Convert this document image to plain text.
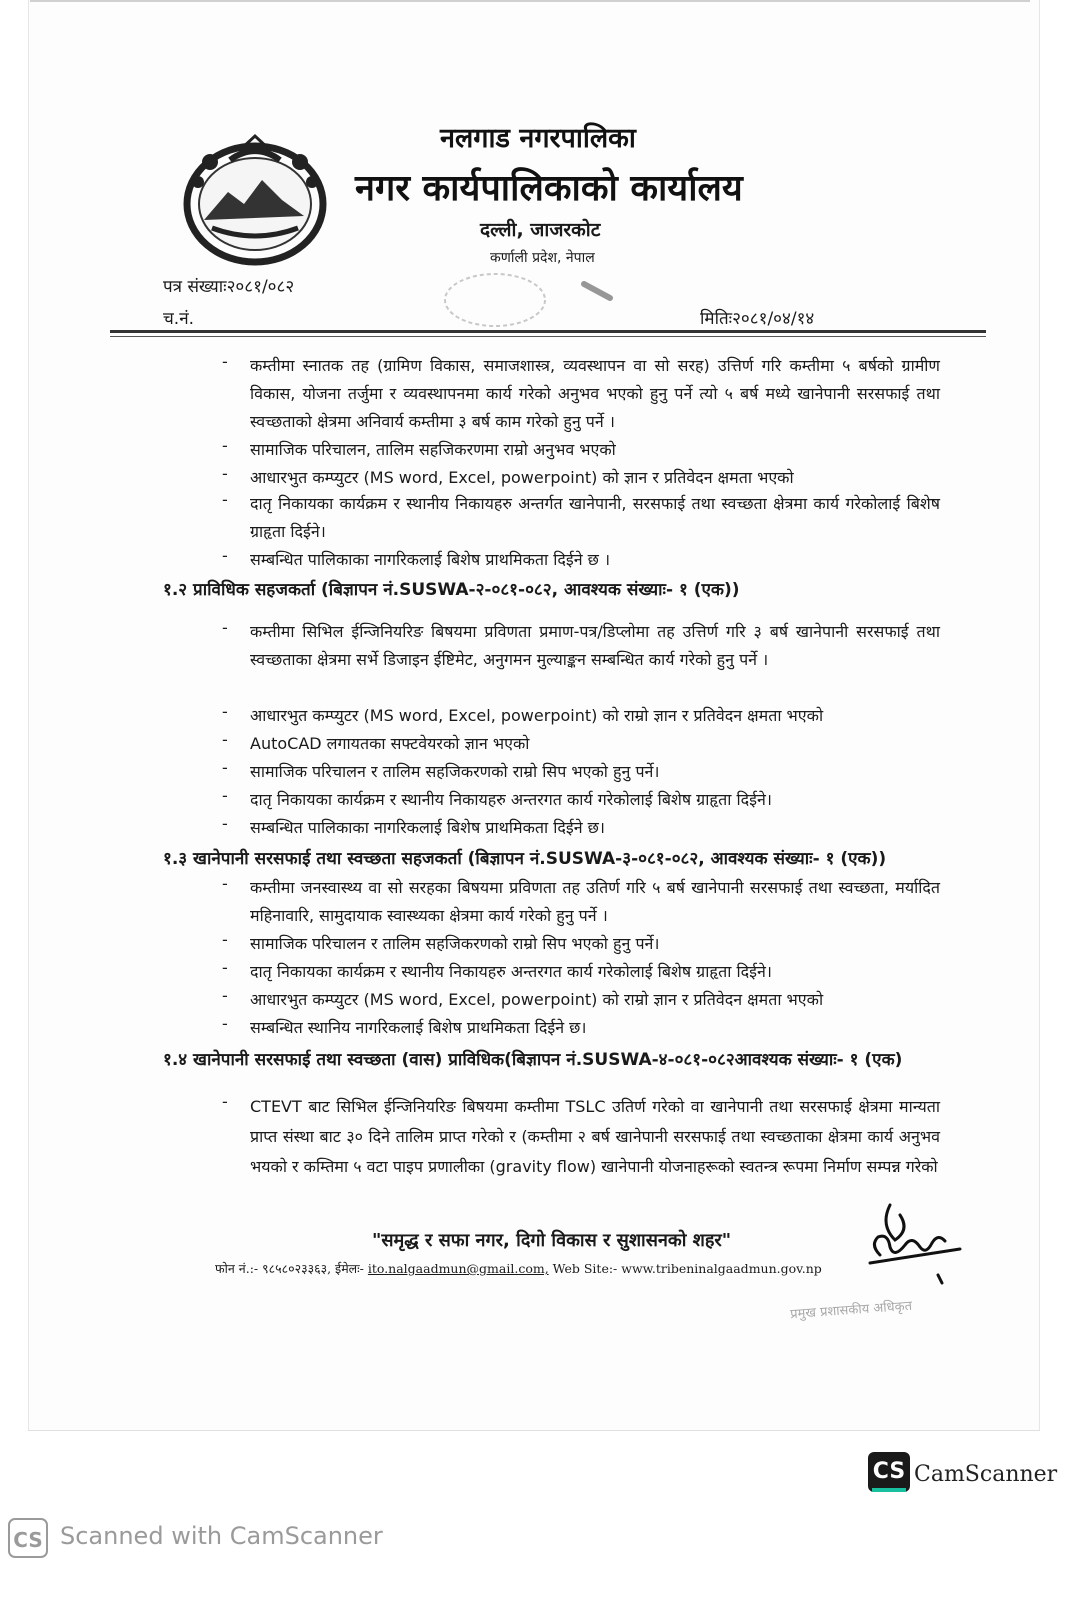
नलगाड नगरपालिका
नगर कार्यपालिकाको कार्यालय
दल्ली, जाजरकोट
कर्णाली प्रदेश, नेपाल
पत्र संख्याः२०८१/०८२
च.नं.	मितिः२०८१/०४/१४
- कम्तीमा स्नातक तह (ग्रामिण विकास, समाजशास्त्र, व्यवस्थापन वा सो सरह) उत्तिर्ण गरि कम्तीमा ५ बर्षको ग्रामीण विकास, योजना तर्जुमा र व्यवस्थापनमा कार्य गरेको अनुभव भएको हुनु पर्ने त्यो ५ बर्ष मध्ये खानेपानी सरसफाई तथा स्वच्छताको क्षेत्रमा अनिवार्य कम्तीमा ३ बर्ष काम गरेको हुनु पर्ने ।
- सामाजिक परिचालन, तालिम सहजिकरणमा राम्रो अनुभव भएको
- आधारभुत कम्प्युटर (MS word, Excel, powerpoint) को ज्ञान र प्रतिवेदन क्षमता भएको
- दातृ निकायका कार्यक्रम र स्थानीय निकायहरु अन्तर्गत खानेपानी, सरसफाई तथा स्वच्छता क्षेत्रमा कार्य गरेकोलाई बिशेष ग्राहृता दिईने।
- सम्बन्धित पालिकाका नागरिकलाई बिशेष प्राथमिकता दिईने छ ।
१.२ प्राविधिक सहजकर्ता (बिज्ञापन नं.SUSWA-२-०८१-०८२, आवश्यक संख्याः- १ (एक))
- कम्तीमा सिभिल ईन्जिनियरिङ बिषयमा प्रविणता प्रमाण-पत्र/डिप्लोमा तह उत्तिर्ण गरि ३ बर्ष खानेपानी सरसफाई तथा स्वच्छताका क्षेत्रमा सर्भे डिजाइन ईष्टिमेट, अनुगमन मुल्याङ्कन सम्बन्धित कार्य गरेको हुनु पर्ने ।
- आधारभुत कम्प्युटर (MS word, Excel, powerpoint) को राम्रो ज्ञान र प्रतिवेदन क्षमता भएको
- AutoCAD लगायतका सफ्टवेयरको ज्ञान भएको
- सामाजिक परिचालन र तालिम सहजिकरणको राम्रो सिप भएको हुनु पर्ने।
- दातृ निकायका कार्यक्रम र स्थानीय निकायहरु अन्तरगत कार्य गरेकोलाई बिशेष ग्राहृता दिईने।
- सम्बन्धित पालिकाका नागरिकलाई बिशेष प्राथमिकता दिईने छ।
१.३ खानेपानी सरसफाई तथा स्वच्छता सहजकर्ता (बिज्ञापन नं.SUSWA-३-०८१-०८२, आवश्यक संख्याः- १ (एक))
- कम्तीमा जनस्वास्थ्य वा सो सरहका बिषयमा प्रविणता तह उतिर्ण गरि ५ बर्ष खानेपानी सरसफाई तथा स्वच्छता, मर्यादित महिनावारि, सामुदायाक स्वास्थ्यका क्षेत्रमा कार्य गरेको हुनु पर्ने ।
- सामाजिक परिचालन र तालिम सहजिकरणको राम्रो सिप भएको हुनु पर्ने।
- दातृ निकायका कार्यक्रम र स्थानीय निकायहरु अन्तरगत कार्य गरेकोलाई बिशेष ग्राहृता दिईने।
- आधारभुत कम्प्युटर (MS word, Excel, powerpoint) को राम्रो ज्ञान र प्रतिवेदन क्षमता भएको
- सम्बन्धित स्थानिय नागरिकलाई बिशेष प्राथमिकता दिईने छ।
१.४ खानेपानी सरसफाई तथा स्वच्छता (वास) प्राविधिक(बिज्ञापन नं.SUSWA-४-०८१-०८२आवश्यक संख्याः- १ (एक)
- CTEVT बाट सिभिल ईन्जिनियरिङ बिषयमा कम्तीमा TSLC उतिर्ण गरेको वा खानेपानी तथा सरसफाई क्षेत्रमा मान्यता प्राप्त संस्था बाट ३० दिने तालिम प्राप्त गरेको र (कम्तीमा २ बर्ष खानेपानी सरसफाई तथा स्वच्छताका क्षेत्रमा कार्य अनुभव भयको र कम्तिमा ५ वटा पाइप प्रणालीका (gravity flow) खानेपानी योजनाहरूको स्वतन्त्र रूपमा निर्माण सम्पन्न गरेको
"समृद्ध र सफा नगर, दिगो विकास र सुशासनको शहर"
फोन नं.:- ९८५८०२३३६३, ईमेलः- ito.nalgaadmun@gmail.com, Web Site:- www.tribeninalgaadmun.gov.np
प्रमुख प्रशासकीय अधिकृत
CS CamScanner
CS Scanned with CamScanner
